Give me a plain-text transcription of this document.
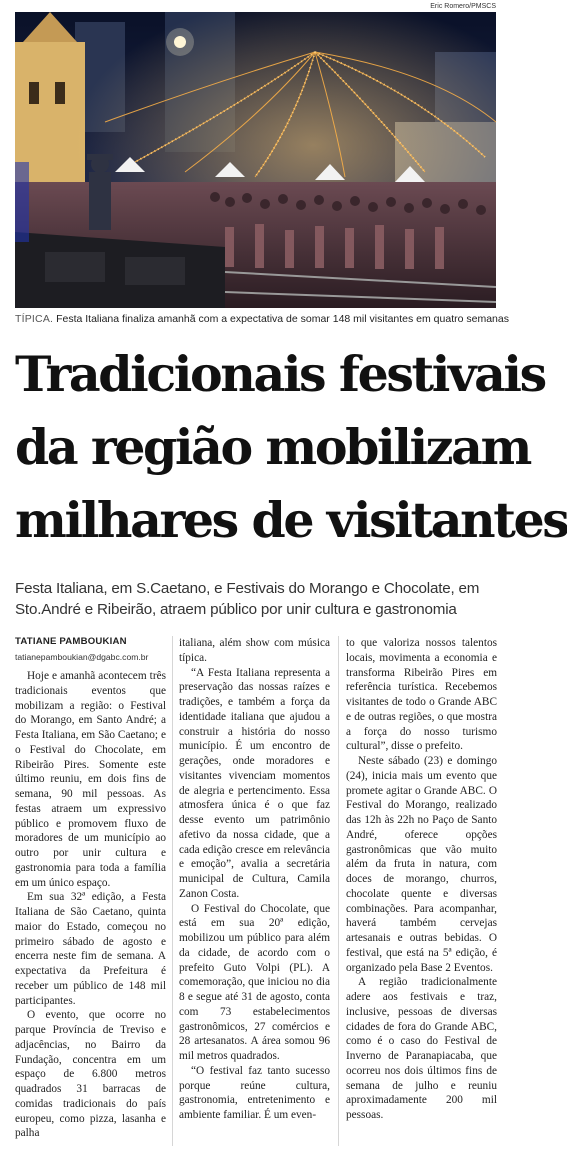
Eric Romero/PMSCS
TÍPICA. Festa Italiana finaliza amanhã com a expectativa de somar 148 mil visitantes em quatro semanas
Tradicionais festivais
da região mobilizam
milhares de visitantes
Festa Italiana, em S.Caetano, e Festivais do Morango e Chocolate, em
Sto.André e Ribeirão, atraem público por unir cultura e gastronomia
TATIANE PAMBOUKIAN
tatianepamboukian@dgabc.com.br

Hoje e amanhã acontecem três tradicionais eventos que mobilizam a região: o Festival do Morango, em Santo André; a Festa Italiana, em São Caetano; e o Festival do Chocolate, em Ribeirão Pires. Somente este último reuniu, em dois fins de semana, 90 mil pessoas. As festas atraem um expressivo público e promovem fluxo de moradores de um município ao outro por unir cultura e gastronomia para toda a família em um único espaço.

Em sua 32ª edição, a Festa Italiana de São Caetano, quinta maior do Estado, começou no primeiro sábado de agosto e encerra neste fim de semana. A expectativa da Prefeitura é receber um público de 148 mil participantes.

O evento, que ocorre no parque Província de Treviso e adjacências, no Bairro da Fundação, concentra em um espaço de 6.800 metros quadrados 31 barracas de comidas tradicionais do país europeu, como pizza, lasanha e palha

italiana, além show com música típica.

“A Festa Italiana representa a preservação das nossas raízes e tradições, e também a força da identidade italiana que ajudou a construir a história do nosso município. É um encontro de gerações, onde moradores e visitantes vivenciam momentos de alegria e pertencimento. Essa atmosfera única é o que faz desse evento um patrimônio afetivo da nossa cidade, que a cada edição cresce em relevância e emoção”, avalia a secretária municipal de Cultura, Camila Zanon Costa.

O Festival do Chocolate, que está em sua 20ª edição, mobilizou um público para além da cidade, de acordo com o prefeito Guto Volpi (PL). A comemoração, que iniciou no dia 8 e segue até 31 de agosto, conta com 73 estabelecimentos gastronômicos, 27 comércios e 28 artesanatos. A área somou 96 mil metros quadrados.

“O festival faz tanto sucesso porque reúne cultura, gastronomia, entretenimento e ambiente familiar. É um even-

to que valoriza nossos talentos locais, movimenta a economia e transforma Ribeirão Pires em referência turística. Recebemos visitantes de todo o Grande ABC e de outras regiões, o que mostra a força do nosso turismo cultural”, disse o prefeito.

Neste sábado (23) e domingo (24), inicia mais um evento que promete agitar o Grande ABC. O Festival do Morango, realizado das 12h às 22h no Paço de Santo André, oferece opções gastronômicas que vão muito além da fruta in natura, com doces de morango, churros, chocolate quente e diversas combinações. Para acompanhar, haverá também cervejas artesanais e outras bebidas. O festival, que está na 5ª edição, é organizado pela Base 2 Eventos.

A região tradicionalmente adere aos festivais e traz, inclusive, pessoas de diversas cidades de fora do Grande ABC, como é o caso do Festival de Inverno de Paranapiacaba, que ocorreu nos dois últimos fins de semana de julho e reuniu aproximadamente 200 mil pessoas.
